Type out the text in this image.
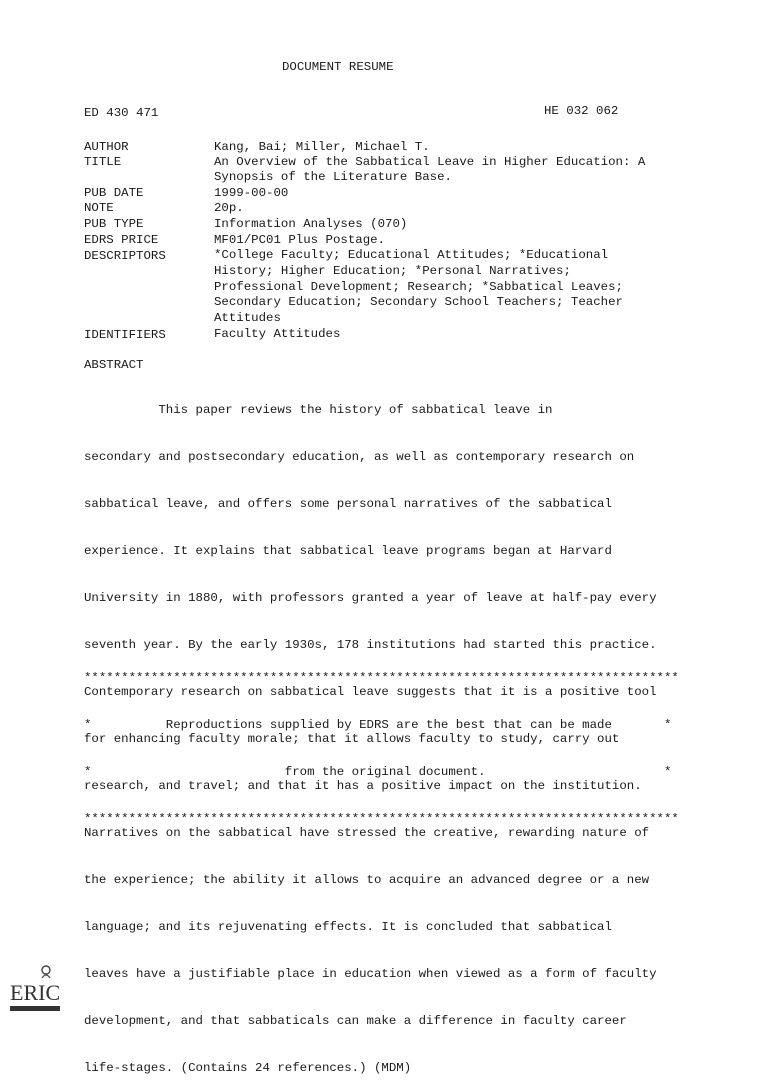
DOCUMENT RESUME
ED 430 471	HE 032 062
AUTHOR	Kang, Bai; Miller, Michael T.
TITLE	An Overview of the Sabbatical Leave in Higher Education: A
Synopsis of the Literature Base.
PUB DATE	1999-00-00
NOTE	20p.
PUB TYPE	Information Analyses (070)
EDRS PRICE	MF01/PC01 Plus Postage.
DESCRIPTORS	*College Faculty; Educational Attitudes; *Educational
History; Higher Education; *Personal Narratives;
Professional Development; Research; *Sabbatical Leaves;
Secondary Education; Secondary School Teachers; Teacher
Attitudes
IDENTIFIERS	Faculty Attitudes
ABSTRACT

This paper reviews the history of sabbatical leave in

secondary and postsecondary education, as well as contemporary research on

sabbatical leave, and offers some personal narratives of the sabbatical

experience. It explains that sabbatical leave programs began at Harvard

University in 1880, with professors granted a year of leave at half-pay every

seventh year. By the early 1930s, 178 institutions had started this practice.

Contemporary research on sabbatical leave suggests that it is a positive tool

for enhancing faculty morale; that it allows faculty to study, carry out

research, and travel; and that it has a positive impact on the institution.

Narratives on the sabbatical have stressed the creative, rewarding nature of

the experience; the ability it allows to acquire an advanced degree or a new

language; and its rejuvenating effects. It is concluded that sabbatical

leaves have a justifiable place in education when viewed as a form of faculty

development, and that sabbaticals can make a difference in faculty career

life-stages. (Contains 24 references.) (MDM)

********************************************************************************

*          Reproductions supplied by EDRS are the best that can be made       *

*                          from the original document.                        *

********************************************************************************

ERIC
